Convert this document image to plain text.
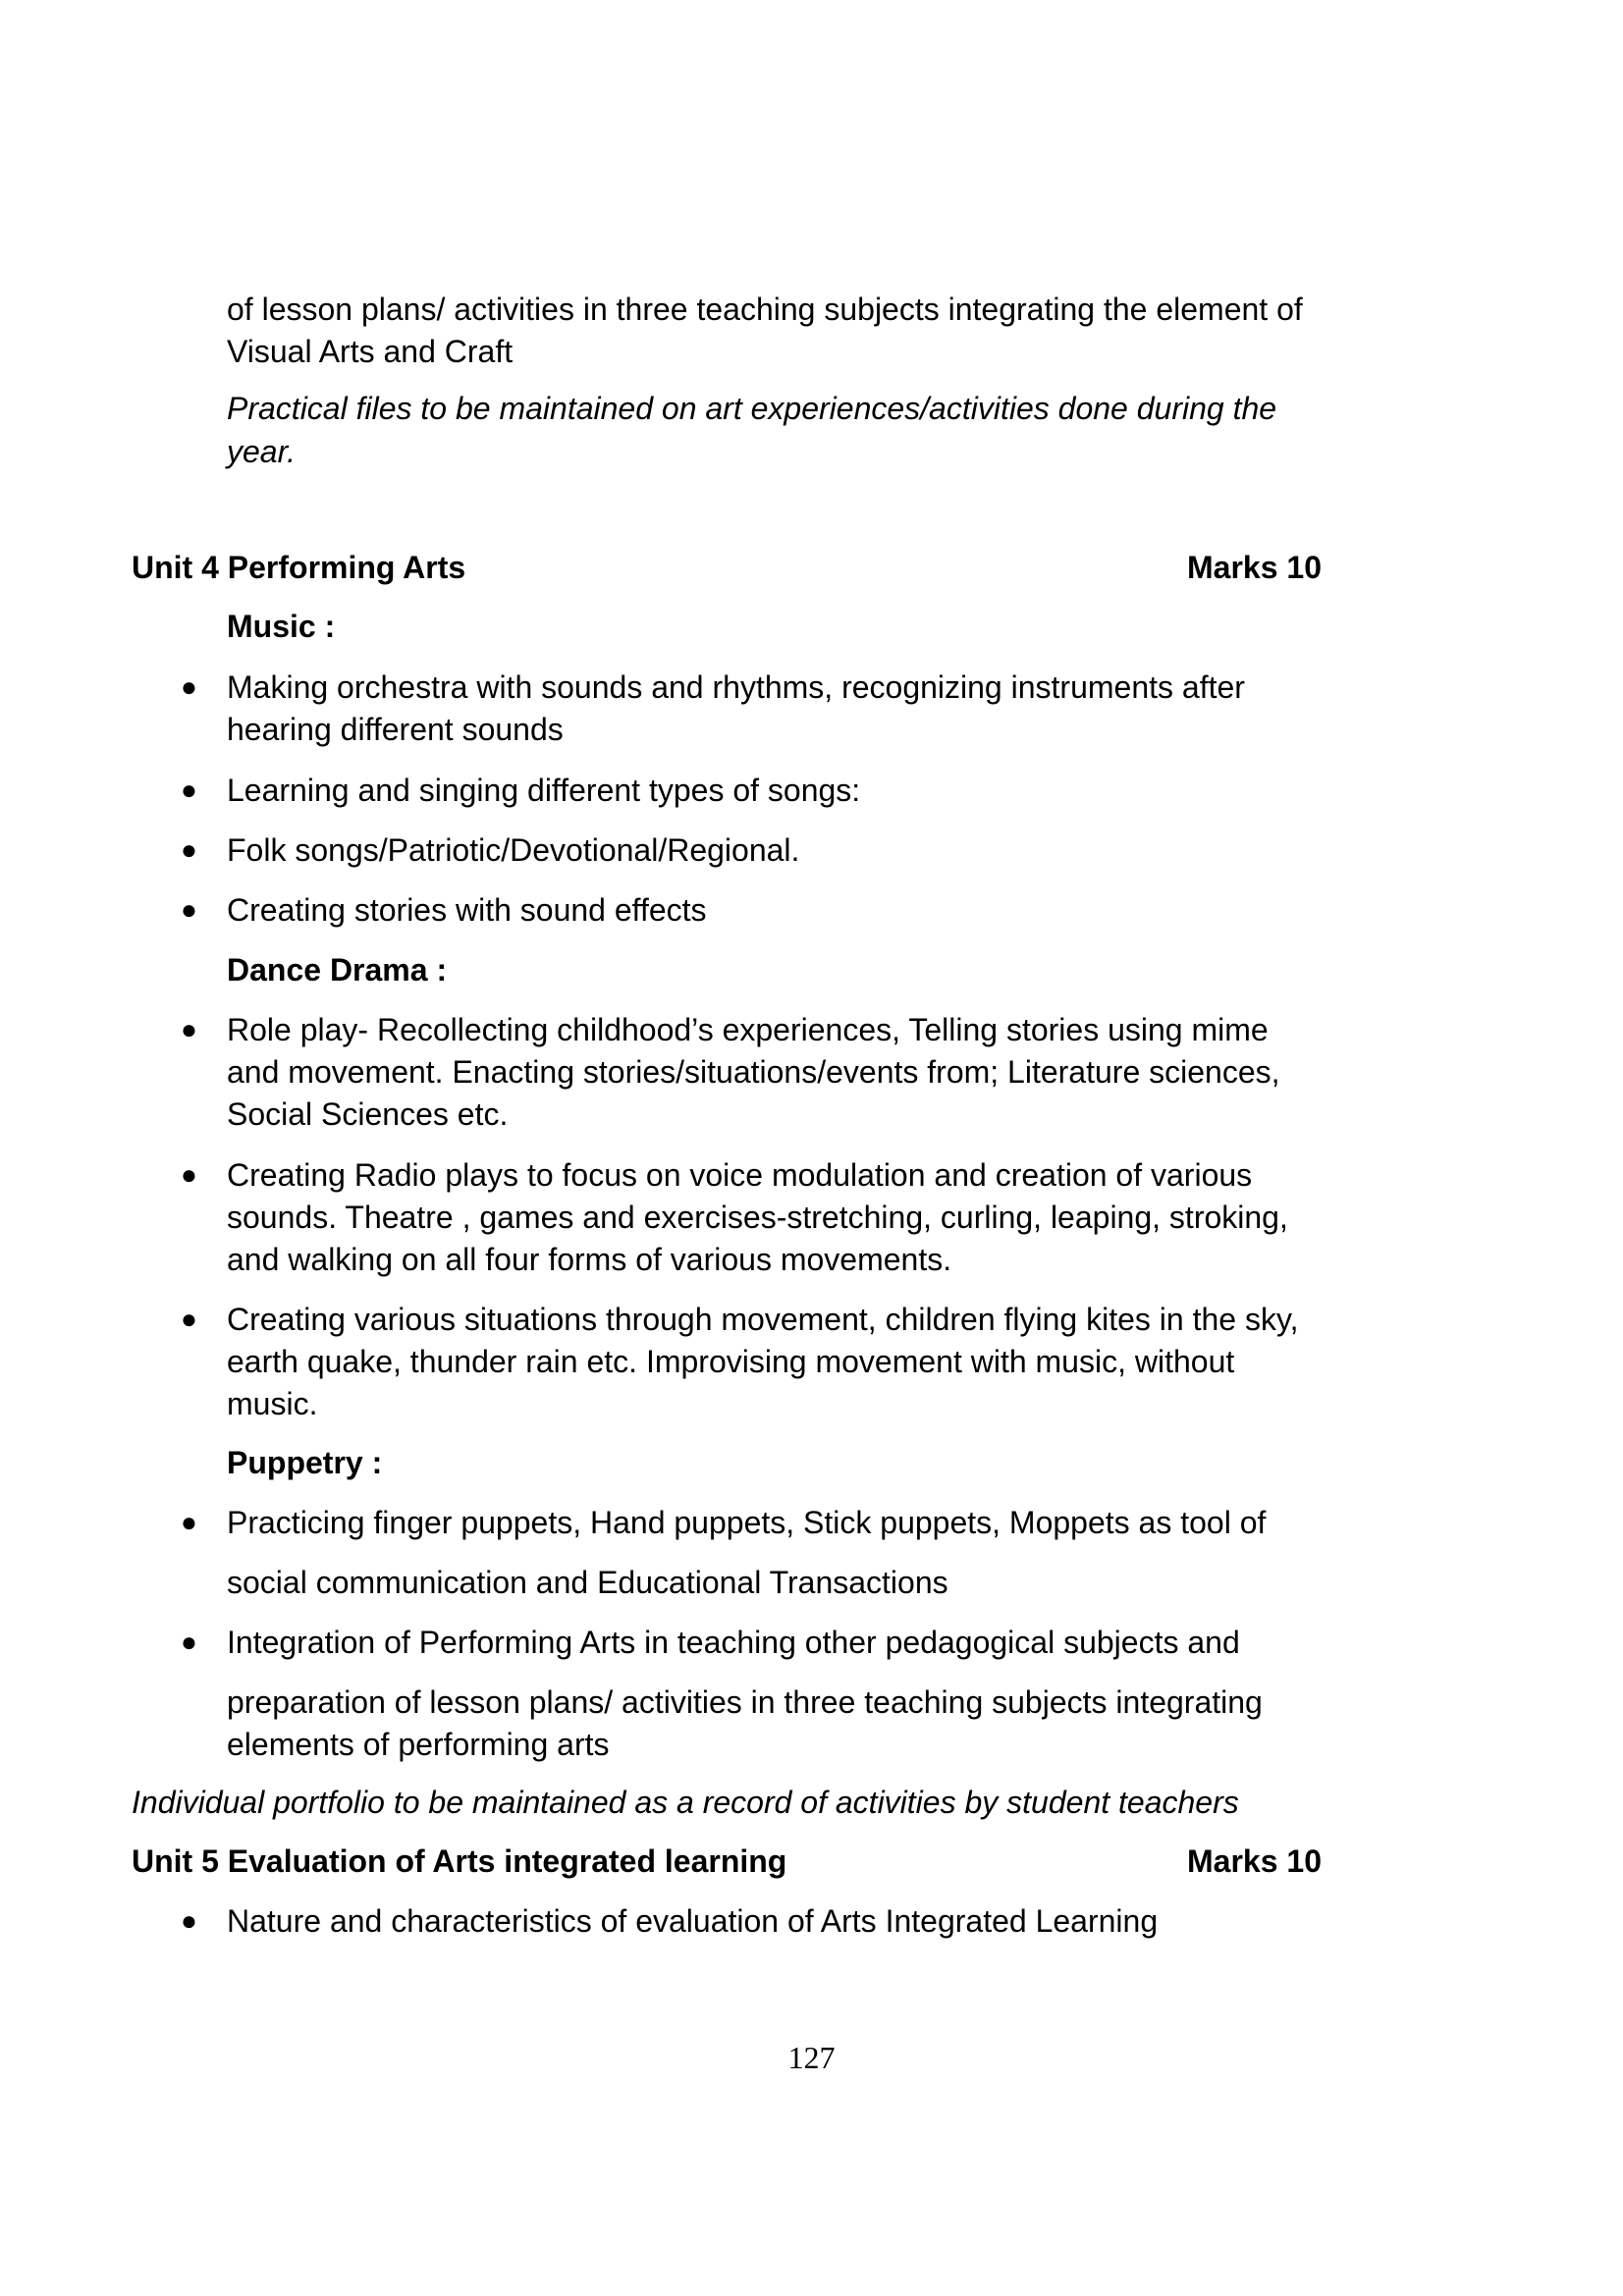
of lesson plans/ activities in three teaching subjects integrating the element of
Visual Arts and Craft
Practical files to be maintained on art experiences/activities done during the
year.
Unit 4 Performing Arts	Marks 10
Music :
● Making orchestra with sounds and rhythms, recognizing instruments after
hearing different sounds
● Learning and singing different types of songs:
● Folk songs/Patriotic/Devotional/Regional.
● Creating stories with sound effects
Dance Drama :
● Role play- Recollecting childhood’s experiences, Telling stories using mime
and movement. Enacting stories/situations/events from; Literature sciences,
Social Sciences etc.
● Creating Radio plays to focus on voice modulation and creation of various
sounds. Theatre , games and exercises-stretching, curling, leaping, stroking,
and walking on all four forms of various movements.
● Creating various situations through movement, children flying kites in the sky,
earth quake, thunder rain etc. Improvising movement with music, without
music.
Puppetry :
● Practicing finger puppets, Hand puppets, Stick puppets, Moppets as tool of
social communication and Educational Transactions
● Integration of Performing Arts in teaching other pedagogical subjects and
preparation of lesson plans/ activities in three teaching subjects integrating
elements of performing arts
Individual portfolio to be maintained as a record of activities by student teachers
Unit 5 Evaluation of Arts integrated learning	Marks 10
● Nature and characteristics of evaluation of Arts Integrated Learning
127
